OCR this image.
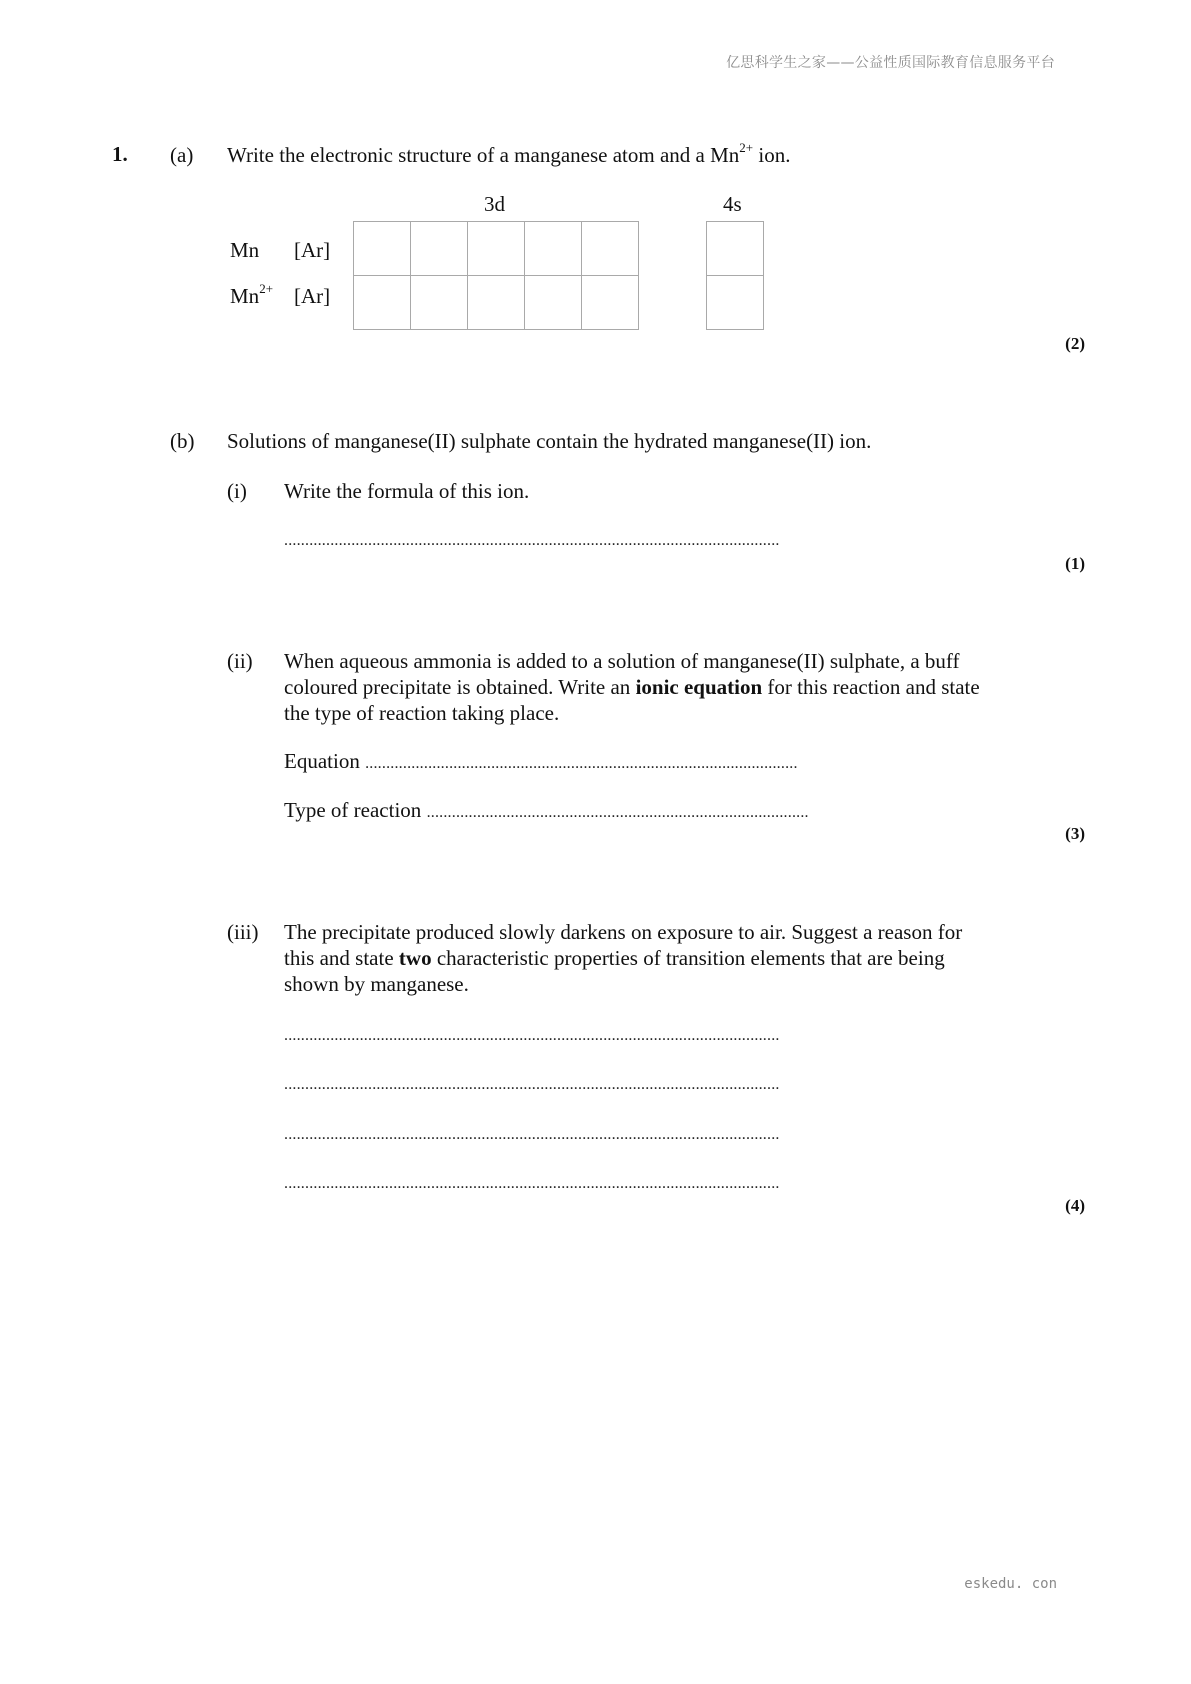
亿思科学生之家——公益性质国际教育信息服务平台
eskedu. con
1. (a) Write the electronic structure of a manganese atom and a $Mn^{2+}$ ion.
3d	4s
Mn [Ar]
$Mn^{2+}$ [Ar]

(2)
(b) Solutions of manganese(II) sulphate contain the hydrated manganese(II) ion.
(i) Write the formula of this ion.
......................................................................................................................
(1)
(ii) When aqueous ammonia is added to a solution of manganese(II) sulphate, a buff
coloured precipitate is obtained. Write an ionic equation for this reaction and state
the type of reaction taking place.
Equation .......................................................................................................
Type of reaction ...........................................................................................
(3)
(iii) The precipitate produced slowly darkens on exposure to air. Suggest a reason for
this and state two characteristic properties of transition elements that are being
shown by manganese.
......................................................................................................................
......................................................................................................................
......................................................................................................................
......................................................................................................................
(4)
